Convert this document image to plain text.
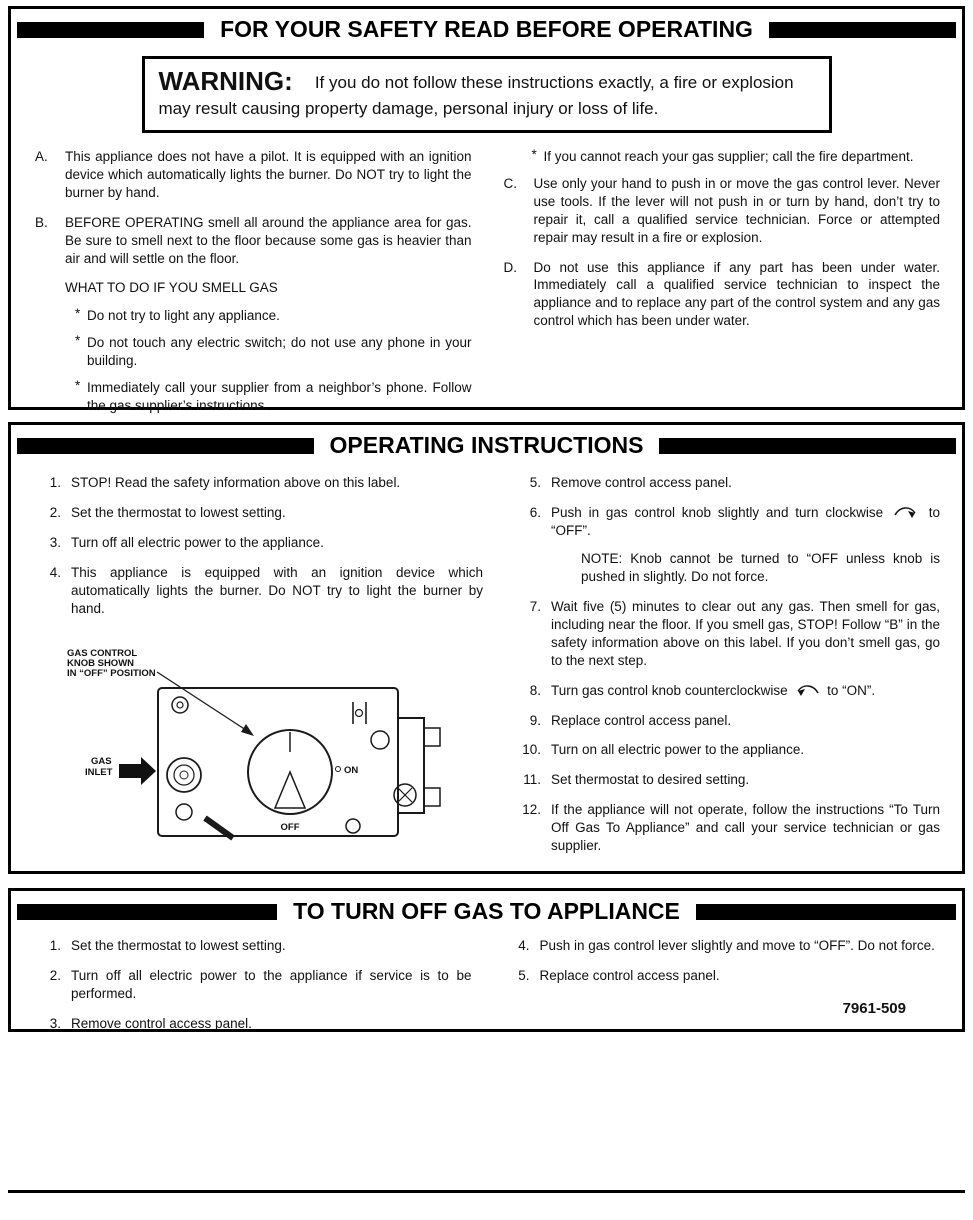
FOR YOUR SAFETY READ BEFORE OPERATING
WARNING: If you do not follow these instructions exactly, a fire or explosion may result causing property damage, personal injury or loss of life.
A.	This appliance does not have a pilot. It is equipped with an ignition device which automatically lights the burner. Do NOT try to light the burner by hand.
B.	BEFORE OPERATING smell all around the appliance area for gas. Be sure to smell next to the floor because some gas is heavier than air and will settle on the floor.
WHAT TO DO IF YOU SMELL GAS
* Do not try to light any appliance.
* Do not touch any electric switch; do not use any phone in your building.
* Immediately call your supplier from a neighbor’s phone. Follow the gas supplier’s instructions.
* If you cannot reach your gas supplier; call the fire department.
C.	Use only your hand to push in or move the gas control lever. Never use tools. If the lever will not push in or turn by hand, don’t try to repair it, call a qualified service technician. Force or attempted repair may result in a fire or explosion.
D.	Do not use this appliance if any part has been under water. Immediately call a qualified service technician to inspect the appliance and to replace any part of the control system and any gas control which has been under water.
OPERATING INSTRUCTIONS
1. STOP! Read the safety information above on this label.
2. Set the thermostat to lowest setting.
3. Turn off all electric power to the appliance.
4. This appliance is equipped with an ignition device which automatically lights the burner. Do NOT try to light the burner by hand.
GAS CONTROL
KNOB SHOWN
IN “OFF” POSITION
OFF
ON
GAS
INLET
5. Remove control access panel.
6. Push in gas control knob slightly and turn clockwise	to “OFF”.
NOTE: Knob cannot be turned to “OFF unless knob is pushed in slightly. Do not force.
7. Wait five (5) minutes to clear out any gas. Then smell for gas, including near the floor. If you smell gas, STOP! Follow “B” in the safety information above on this label. If you don’t smell gas, go to the next step.
8. Turn gas control knob counterclockwise	to “ON”.
9. Replace control access panel.
10. Turn on all electric power to the appliance.
11. Set thermostat to desired setting.
12. If the appliance will not operate, follow the instructions “To Turn Off Gas To Appliance” and call your service technician or gas supplier.
TO TURN OFF GAS TO APPLIANCE
1. Set the thermostat to lowest setting.
2. Turn off all electric power to the appliance if service is to be performed.
3. Remove control access panel.
4. Push in gas control lever slightly and move to “OFF”. Do not force.
5. Replace control access panel.
7961-509
